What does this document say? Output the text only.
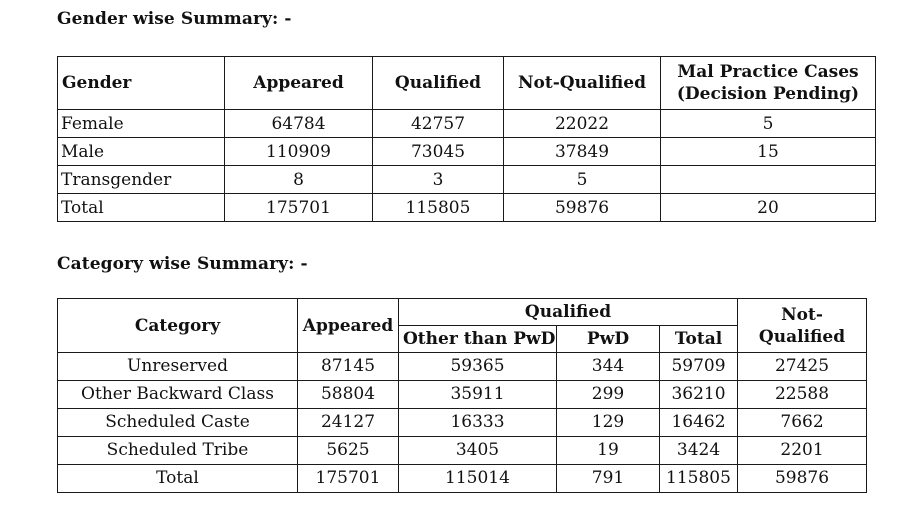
Gender wise Summary: -
Gender	Appeared	Qualified	Not-Qualified	Mal Practice Cases
(Decision Pending)
Female	64784	42757	22022	5
Male	110909	73045	37849	15
Transgender	8	3	5	
Total	175701	115805	59876	20
Category wise Summary: -
Category	Appeared	Qualified			Not-
Qualified
		Other than PwD	PwD	Total	
Unreserved	87145	59365	344	59709	27425
Other Backward Class	58804	35911	299	36210	22588
Scheduled Caste	24127	16333	129	16462	7662
Scheduled Tribe	5625	3405	19	3424	2201
Total	175701	115014	791	115805	59876
